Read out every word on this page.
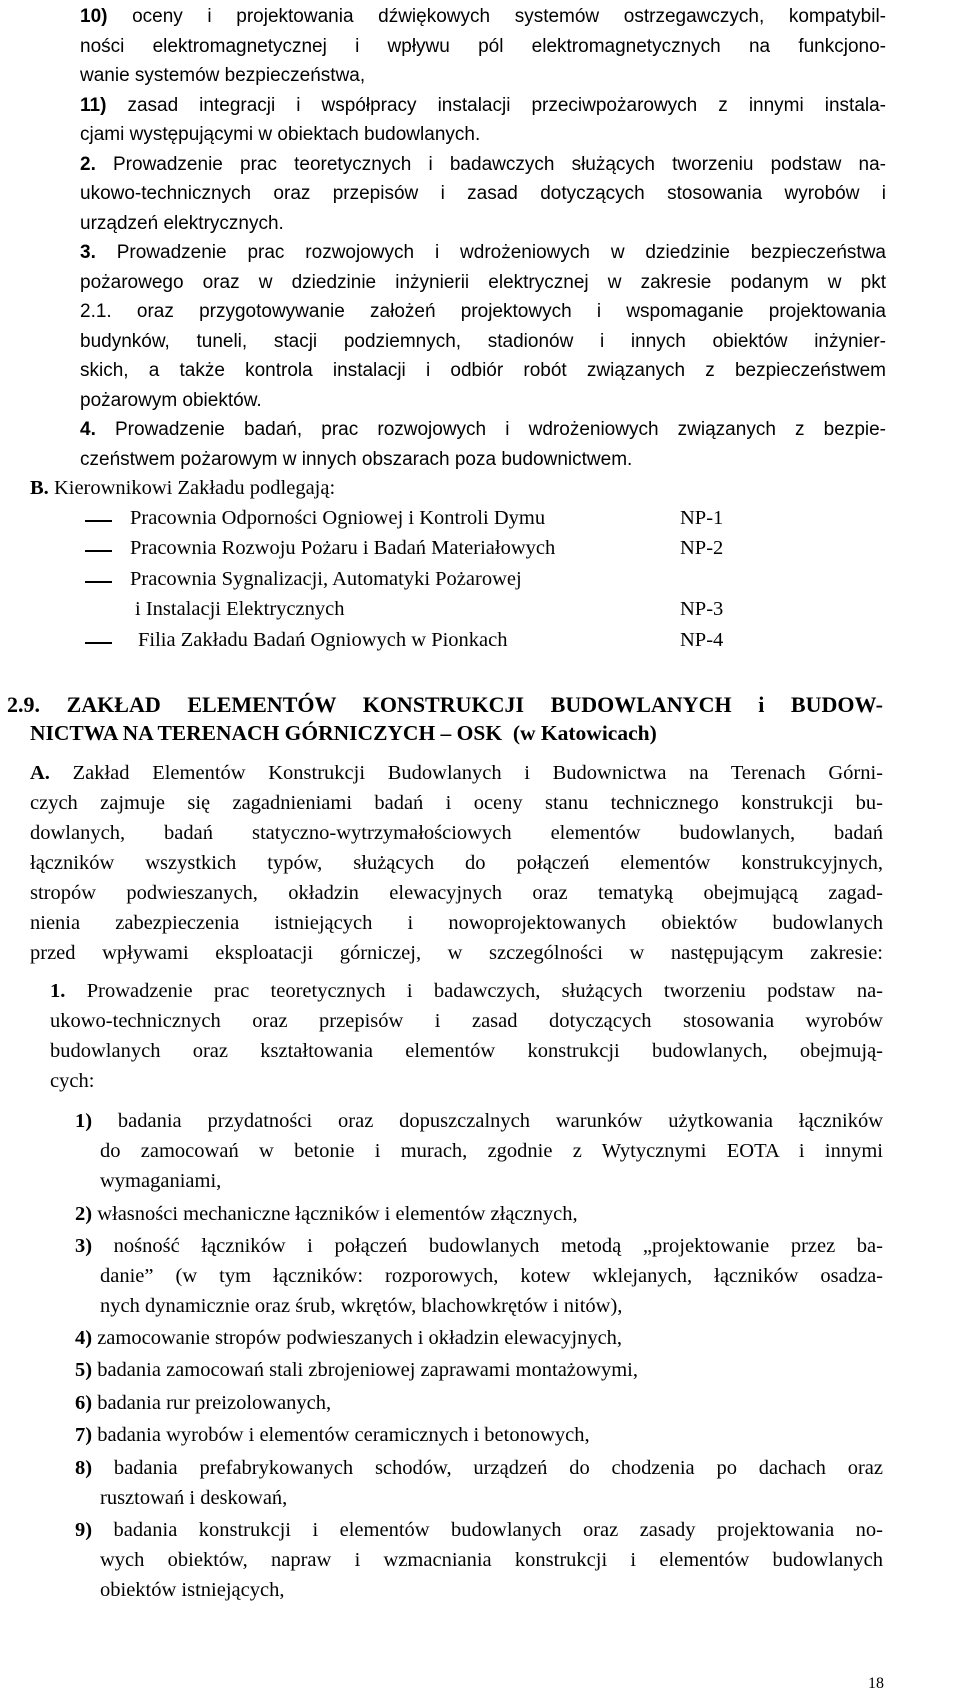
10) oceny i projektowania dźwiękowych systemów ostrzegawczych, kompatybil-
ności elektromagnetycznej i wpływu pól elektromagnetycznych na funkcjono-
wanie systemów bezpieczeństwa,
11) zasad integracji i współpracy instalacji przeciwpożarowych z innymi instala-
cjami występującymi w obiektach budowlanych.
2. Prowadzenie prac teoretycznych i badawczych służących tworzeniu podstaw na-
ukowo-technicznych oraz przepisów i zasad dotyczących stosowania wyrobów i
urządzeń elektrycznych.
3. Prowadzenie prac rozwojowych i wdrożeniowych w dziedzinie bezpieczeństwa
pożarowego oraz w dziedzinie inżynierii elektrycznej w zakresie podanym w pkt
2.1. oraz przygotowywanie założeń projektowych i wspomaganie projektowania
budynków, tuneli, stacji podziemnych, stadionów i innych obiektów inżynier-
skich, a także kontrola instalacji i odbiór robót związanych z bezpieczeństwem
pożarowym obiektów.
4. Prowadzenie badań, prac rozwojowych i wdrożeniowych związanych z bezpie-
czeństwem pożarowym w innych obszarach poza budownictwem.
B. Kierownikowi Zakładu podlegają:
Pracownia Odporności Ogniowej i Kontroli Dymu	NP-1
Pracownia Rozwoju Pożaru i Badań Materiałowych	NP-2
Pracownia Sygnalizacji, Automatyki Pożarowej
i Instalacji Elektrycznych	NP-3
Filia Zakładu Badań Ogniowych w Pionkach	NP-4
2.9. ZAKŁAD ELEMENTÓW KONSTRUKCJI BUDOWLANYCH i BUDOW-
NICTWA NA TERENACH GÓRNICZYCH – OSK (w Katowicach)
A. Zakład Elementów Konstrukcji Budowlanych i Budownictwa na Terenach Górni-
czych zajmuje się zagadnieniami badań i oceny stanu technicznego konstrukcji bu-
dowlanych, badań statyczno-wytrzymałościowych elementów budowlanych, badań
łączników wszystkich typów, służących do połączeń elementów konstrukcyjnych,
stropów podwieszanych, okładzin elewacyjnych oraz tematyką obejmującą zagad-
nienia zabezpieczenia istniejących i nowoprojektowanych obiektów budowlanych
przed wpływami eksploatacji górniczej, w szczególności w następującym zakresie:
1. Prowadzenie prac teoretycznych i badawczych, służących tworzeniu podstaw na-
ukowo-technicznych oraz przepisów i zasad dotyczących stosowania wyrobów
budowlanych oraz kształtowania elementów konstrukcji budowlanych, obejmują-
cych:
1) badania przydatności oraz dopuszczalnych warunków użytkowania łączników
do zamocowań w betonie i murach, zgodnie z Wytycznymi EOTA i innymi
wymaganiami,
2) własności mechaniczne łączników i elementów złącznych,
3) nośność łączników i połączeń budowlanych metodą „projektowanie przez ba-
danie” (w tym łączników: rozporowych, kotew wklejanych, łączników osadza-
nych dynamicznie oraz śrub, wkrętów, blachowkrętów i nitów),
4) zamocowanie stropów podwieszanych i okładzin elewacyjnych,
5) badania zamocowań stali zbrojeniowej zaprawami montażowymi,
6) badania rur preizolowanych,
7) badania wyrobów i elementów ceramicznych i betonowych,
8) badania prefabrykowanych schodów, urządzeń do chodzenia po dachach oraz
rusztowań i deskowań,
9) badania konstrukcji i elementów budowlanych oraz zasady projektowania no-
wych obiektów, napraw i wzmacniania konstrukcji i elementów budowlanych
obiektów istniejących,
18
